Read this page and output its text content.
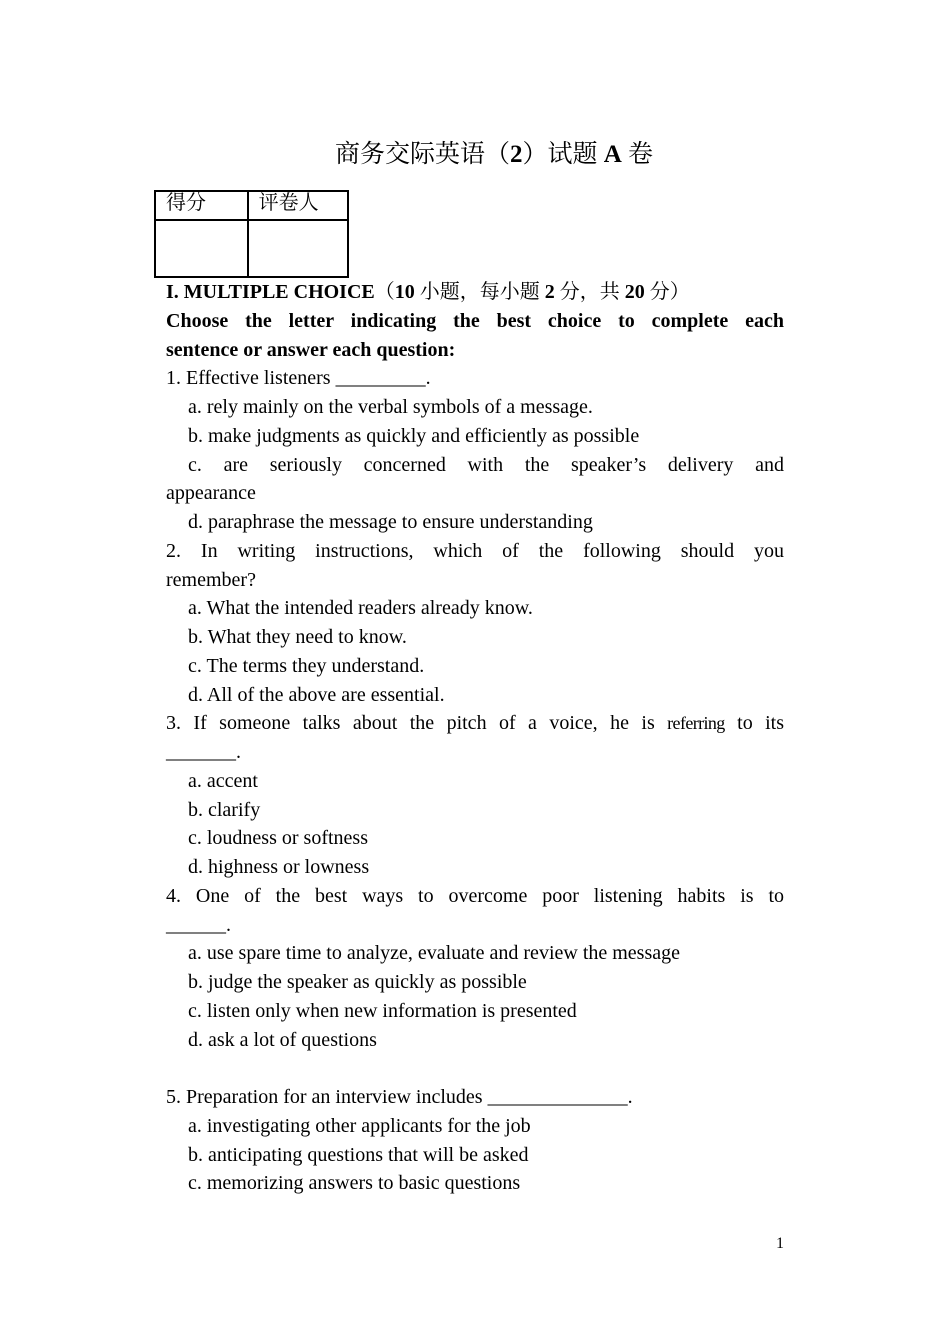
商务交际英语（2）试题 A 卷
得分	评卷人

I. MULTIPLE CHOICE（10 小题，每小题 2 分，共 20 分）
Choose the letter indicating the best choice to complete each
sentence or answer each question:
1. Effective listeners _________.
a. rely mainly on the verbal symbols of a message.
b. make judgments as quickly and efficiently as possible
c. are seriously concerned with the speaker’s delivery and
appearance
d. paraphrase the message to ensure understanding
2. In writing instructions, which of the following should you
remember?
a. What the intended readers already know.
b. What they need to know.
c. The terms they understand.
d. All of the above are essential.
3. If someone talks about the pitch of a voice, he is referring to its
_______.
a. accent
b. clarify
c. loudness or softness
d. highness or lowness
4. One of the best ways to overcome poor listening habits is to
______.
a. use spare time to analyze, evaluate and review the message
b. judge the speaker as quickly as possible
c. listen only when new information is presented
d. ask a lot of questions
5. Preparation for an interview includes ______________.
a. investigating other applicants for the job
b. anticipating questions that will be asked
c. memorizing answers to basic questions
1
